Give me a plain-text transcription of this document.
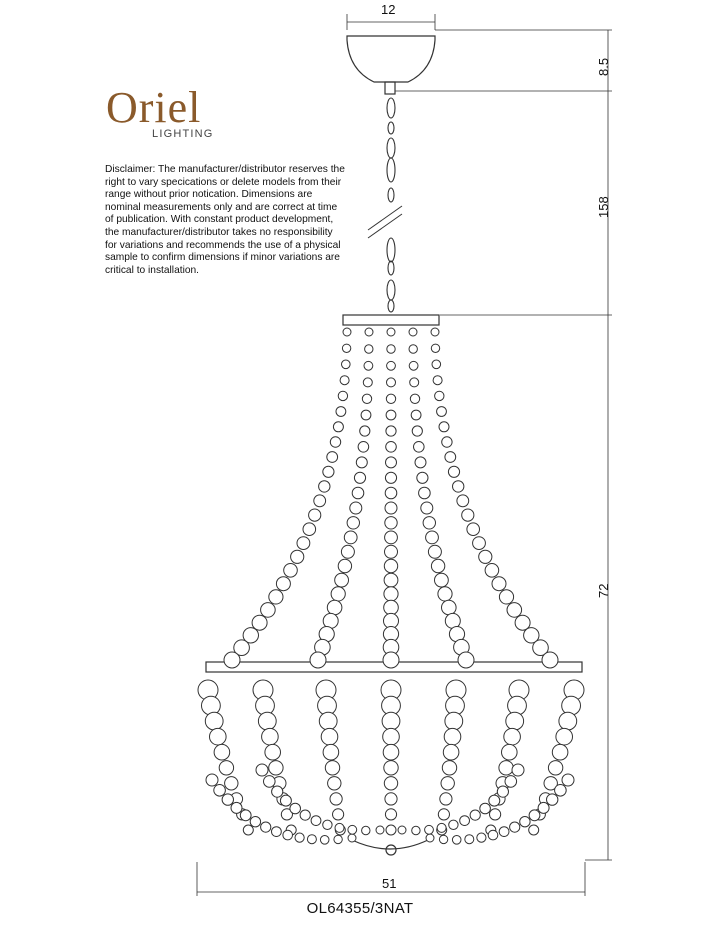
Oriel
LIGHTING

Disclaimer: The manufacturer/distributor reserves the right to vary specications or delete models from their range without prior notication. Dimensions are nominal measurements only and are correct at time of publication. With constant product development, the manufacturer/distributor takes no responsibility for variations and recommends the use of a physical sample to confirm dimensions if minor variations are critical to installation.

12
8.5
158
72
51
OL64355/3NAT
